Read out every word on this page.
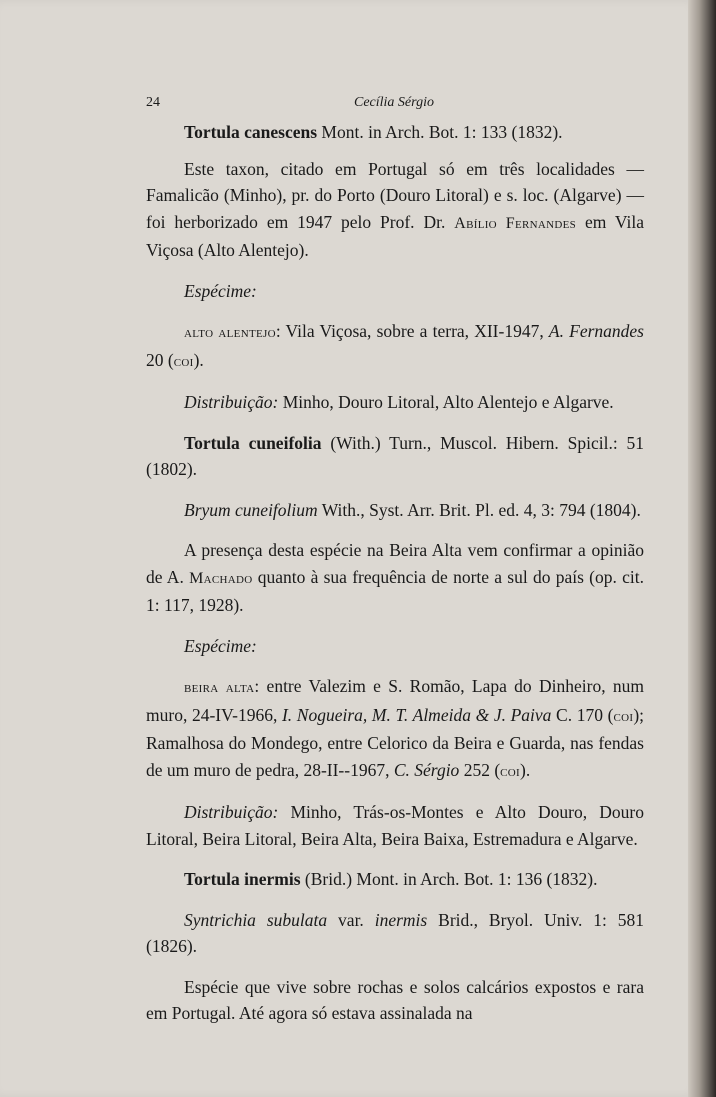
24	Cecília Sérgio

Tortula canescens Mont. in Arch. Bot. 1: 133 (1832).

Este taxon, citado em Portugal só em três localidades — Famalicão (Minho), pr. do Porto (Douro Litoral) e s. loc. (Algarve) — foi herborizado em 1947 pelo Prof. Dr. Abílio Fernandes em Vila Viçosa (Alto Alentejo).

Espécime:

alto alentejo: Vila Viçosa, sobre a terra, XII-1947, A. Fernandes 20 (coi).

Distribuição: Minho, Douro Litoral, Alto Alentejo e Algarve.

Tortula cuneifolia (With.) Turn., Muscol. Hibern. Spicil.: 51 (1802).

Bryum cuneifolium With., Syst. Arr. Brit. Pl. ed. 4, 3: 794 (1804).

A presença desta espécie na Beira Alta vem confirmar a opinião de A. Machado quanto à sua frequência de norte a sul do país (op. cit. 1: 117, 1928).

Espécime:

beira alta: entre Valezim e S. Romão, Lapa do Dinheiro, num muro, 24-IV-1966, I. Nogueira, M. T. Almeida & J. Paiva C. 170 (coi); Ramalhosa do Mondego, entre Celorico da Beira e Guarda, nas fendas de um muro de pedra, 28-II--1967, C. Sérgio 252 (coi).

Distribuição: Minho, Trás-os-Montes e Alto Douro, Douro Litoral, Beira Litoral, Beira Alta, Beira Baixa, Estremadura e Algarve.

Tortula inermis (Brid.) Mont. in Arch. Bot. 1: 136 (1832).

Syntrichia subulata var. inermis Brid., Bryol. Univ. 1: 581 (1826).

Espécie que vive sobre rochas e solos calcários expostos e rara em Portugal. Até agora só estava assinalada na
